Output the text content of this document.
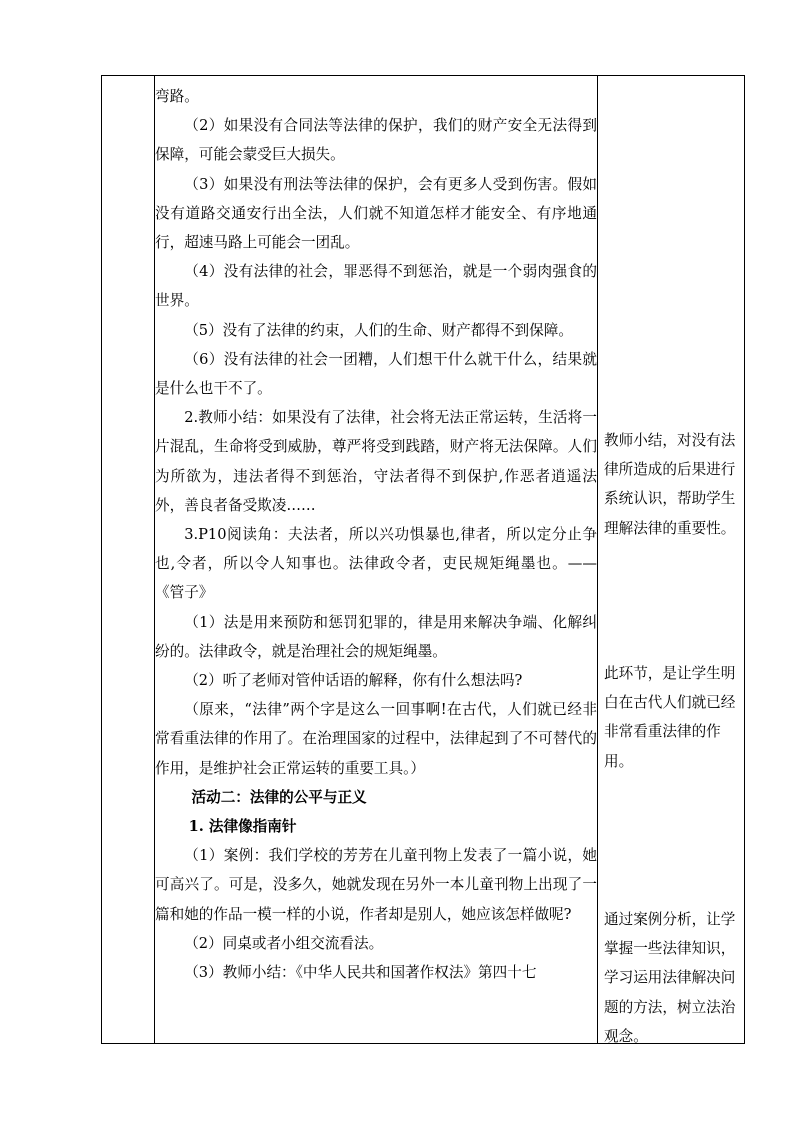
弯路。

（2）如果没有合同法等法律的保护，我们的财产安全无法得到保障，可能会蒙受巨大损失。

（3）如果没有刑法等法律的保护，会有更多人受到伤害。假如没有道路交通安行出全法，人们就不知道怎样才能安全、有序地通行，超速马路上可能会一团乱。

（4）没有法律的社会，罪恶得不到惩治，就是一个弱肉强食的世界。

（5）没有了法律的约束，人们的生命、财产都得不到保障。

（6）没有法律的社会一团糟，人们想干什么就干什么，结果就是什么也干不了。

2.教师小结：如果没有了法律，社会将无法正常运转，生活将一片混乱，生命将受到威胁，尊严将受到践踏，财产将无法保障。人们为所欲为，违法者得不到惩治，守法者得不到保护,作恶者逍遥法外，善良者备受欺凌……

3.P10阅读角：夫法者，所以兴功惧暴也,律者，所以定分止争也,令者，所以令人知事也。法律政令者，吏民规矩绳墨也。——《管子》

（1）法是用来预防和惩罚犯罪的，律是用来解决争端、化解纠纷的。法律政令，就是治理社会的规矩绳墨。

（2）听了老师对管仲话语的解释，你有什么想法吗?

（原来，“法律”两个字是这么一回事啊!在古代，人们就已经非常看重法律的作用了。在治理国家的过程中，法律起到了不可替代的作用，是维护社会正常运转的重要工具。）

活动二：法律的公平与正义

1. 法律像指南针

（1）案例：我们学校的芳芳在儿童刊物上发表了一篇小说，她可高兴了。可是，没多久，她就发现在另外一本儿童刊物上出现了一篇和她的作品一模一样的小说，作者却是别人，她应该怎样做呢?

（2）同桌或者小组交流看法。

（3）教师小结：《中华人民共和国著作权法》第四十七

教师小结，对没有法律所造成的后果进行系统认识，帮助学生理解法律的重要性。
此环节，是让学生明白在古代人们就已经非常看重法律的作用。
通过案例分析，让学掌握一些法律知识，学习运用法律解决问题的方法，树立法治观念。
